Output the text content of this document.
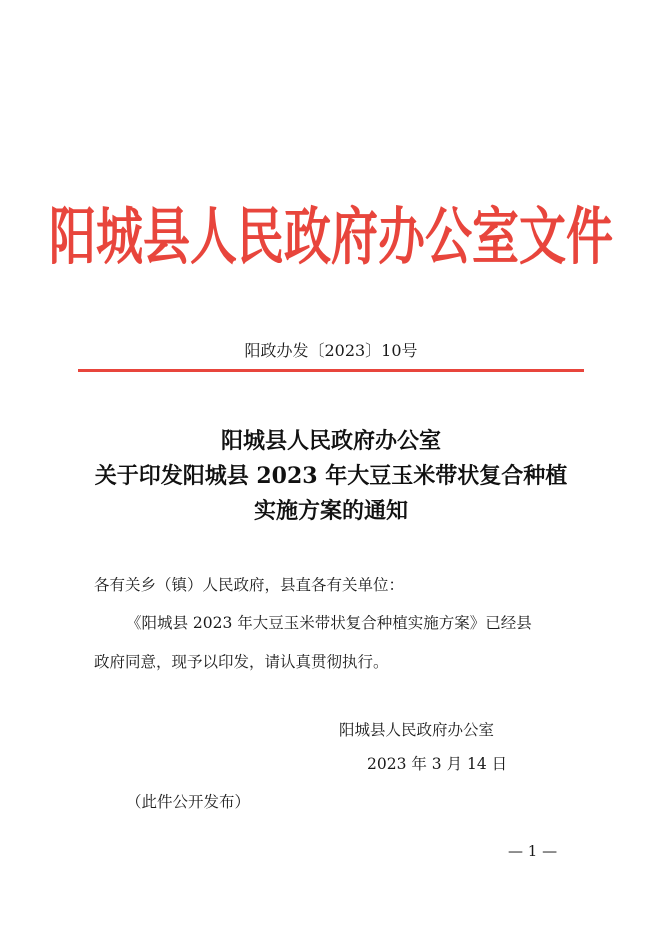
阳城县人民政府办公室文件
阳政办发〔2023〕10号
阳城县人民政府办公室
关于印发阳城县 2023 年大豆玉米带状复合种植
实施方案的通知
各有关乡（镇）人民政府，县直各有关单位：
《阳城县 2023 年大豆玉米带状复合种植实施方案》已经县
政府同意，现予以印发，请认真贯彻执行。
阳城县人民政府办公室
2023 年 3 月 14 日
（此件公开发布）
— 1 —
